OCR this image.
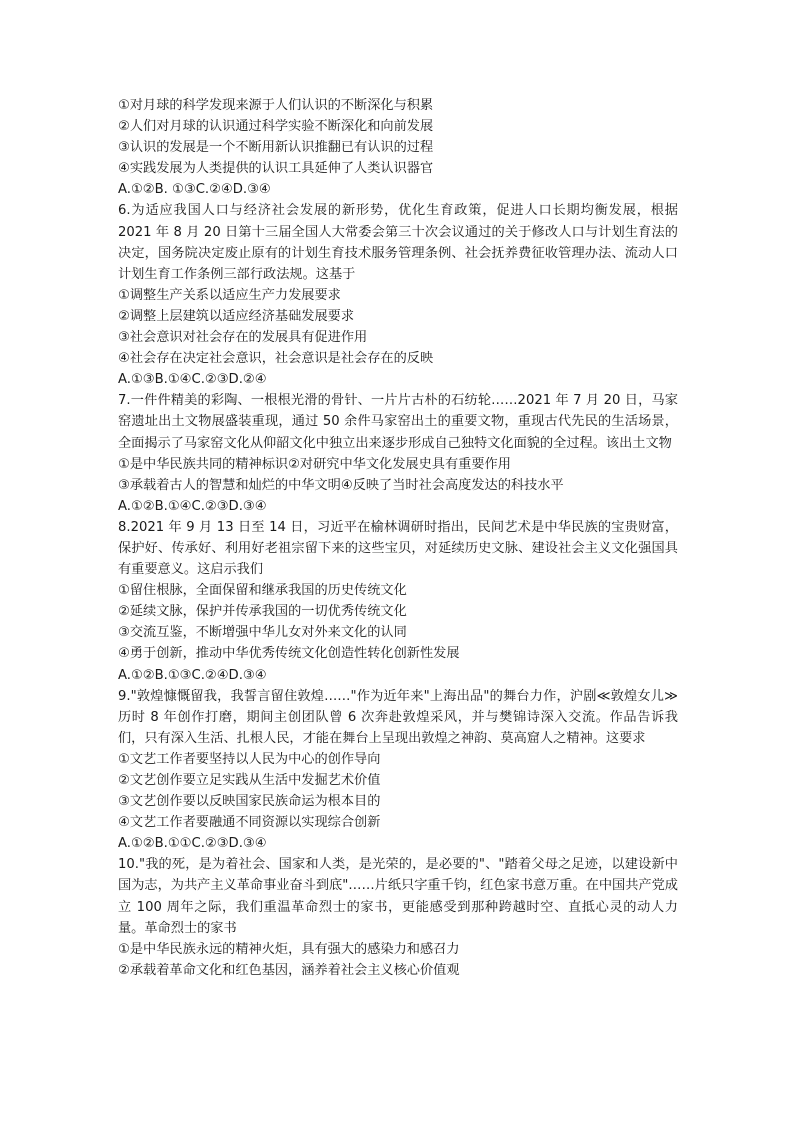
①对月球的科学发现来源于人们认识的不断深化与积累
②人们对月球的认识通过科学实验不断深化和向前发展
③认识的发展是一个不断用新认识推翻已有认识的过程
④实践发展为人类提供的认识工具延伸了人类认识器官
A.①②B. ①③C.②④D.③④
6.为适应我国人口与经济社会发展的新形势，优化生育政策，促进人口长期均衡发展，根据2021 年 8 月 20 日第十三届全国人大常委会第三十次会议通过的关于修改人口与计划生育法的决定，国务院决定废止原有的计划生育技术服务管理条例、社会抚养费征收管理办法、流动人口计划生育工作条例三部行政法规。这基于
①调整生产关系以适应生产力发展要求
②调整上层建筑以适应经济基础发展要求
③社会意识对社会存在的发展具有促进作用
④社会存在决定社会意识，社会意识是社会存在的反映
A.①③B.①④C.②③D.②④
7.一件件精美的彩陶、一根根光滑的骨针、一片片古朴的石纺轮……2021 年 7 月 20 日，马家窑遗址出土文物展盛装重现，通过 50 余件马家窑出土的重要文物，重现古代先民的生活场景，全面揭示了马家窑文化从仰韶文化中独立出来逐步形成自己独特文化面貌的全过程。该出土文物
①是中华民族共同的精神标识②对研究中华文化发展史具有重要作用
③承载着古人的智慧和灿烂的中华文明④反映了当时社会高度发达的科技水平
A.①②B.①④C.②③D.③④
8.2021 年 9 月 13 日至 14 日，习近平在榆林调研时指出，民间艺术是中华民族的宝贵财富，保护好、传承好、利用好老祖宗留下来的这些宝贝，对延续历史文脉、建设社会主义文化强国具有重要意义。这启示我们
①留住根脉，全面保留和继承我国的历史传统文化
②延续文脉，保护并传承我国的一切优秀传统文化
③交流互鉴，不断增强中华儿女对外来文化的认同
④勇于创新，推动中华优秀传统文化创造性转化创新性发展
A.①②B.①③C.②④D.③④
9."敦煌慷慨留我，我誓言留住敦煌……"作为近年来"上海出品"的舞台力作，沪剧≪敦煌女儿≫历时 8 年创作打磨，期间主创团队曾 6 次奔赴敦煌采风，并与樊锦诗深入交流。作品告诉我们，只有深入生活、扎根人民，才能在舞台上呈现出敦煌之神韵、莫高窟人之精神。这要求
①文艺工作者要坚持以人民为中心的创作导向
②文艺创作要立足实践从生活中发掘艺术价值
③文艺创作要以反映国家民族命运为根本目的
④文艺工作者要融通不同资源以实现综合创新
A.①②B.①①C.②③D.③④
10."我的死，是为着社会、国家和人类，是光荣的，是必要的"、"踏着父母之足迹，以建设新中国为志，为共产主义革命事业奋斗到底"……片纸只字重千钧，红色家书意万重。在中国共产党成立 100 周年之际，我们重温革命烈士的家书，更能感受到那种跨越时空、直抵心灵的动人力量。革命烈士的家书
①是中华民族永远的精神火炬，具有强大的感染力和感召力
②承载着革命文化和红色基因，涵养着社会主义核心价值观
